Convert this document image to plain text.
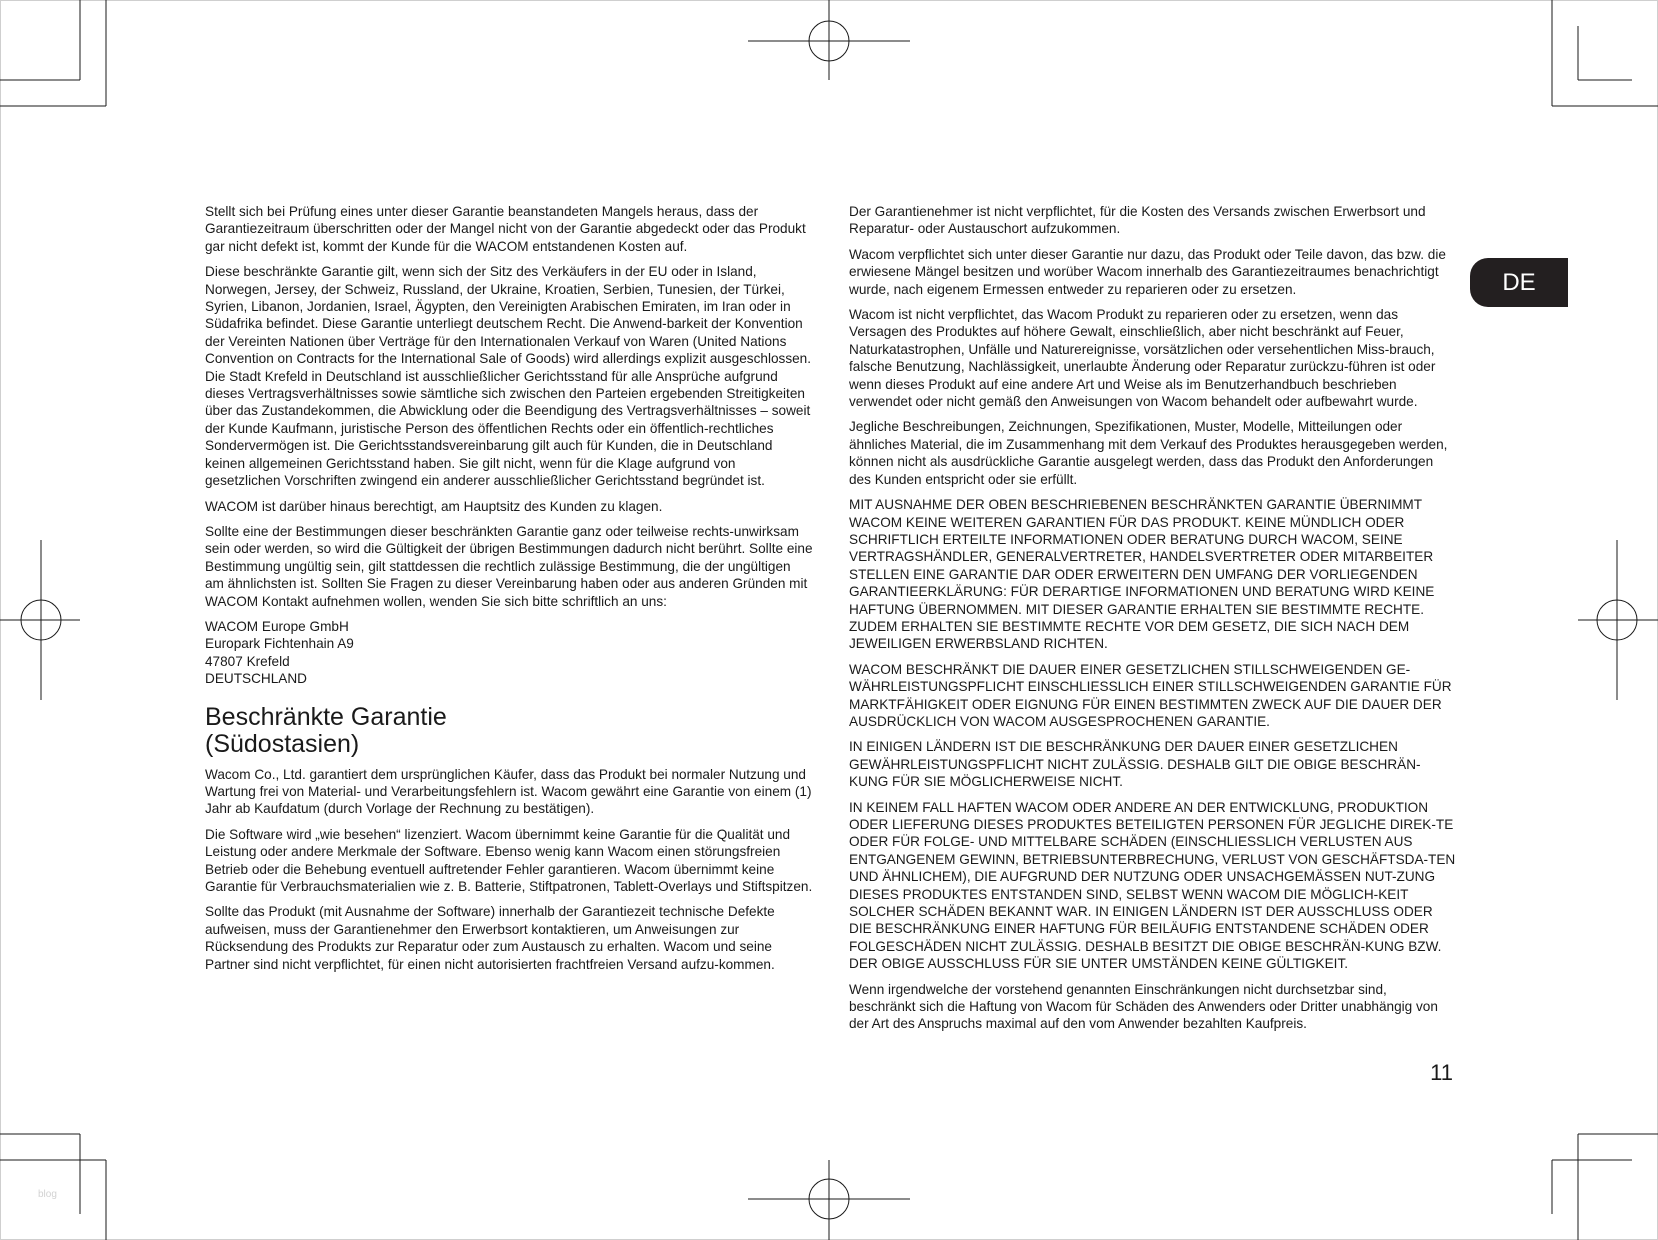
DE

Stellt sich bei Prüfung eines unter dieser Garantie beanstandeten Mangels heraus, dass der Garantiezeitraum überschritten oder der Mangel nicht von der Garantie abgedeckt oder das Produkt gar nicht defekt ist, kommt der Kunde für die WACOM entstandenen Kosten auf.

Diese beschränkte Garantie gilt, wenn sich der Sitz des Verkäufers in der EU oder in Island, Norwegen, Jersey, der Schweiz, Russland, der Ukraine, Kroatien, Serbien, Tunesien, der Türkei, Syrien, Libanon, Jordanien, Israel, Ägypten, den Vereinigten Arabischen Emiraten, im Iran oder in Südafrika befindet. Diese Garantie unterliegt deutschem Recht. Die Anwend-barkeit der Konvention der Vereinten Nationen über Verträge für den Internationalen Verkauf von Waren (United Nations Convention on Contracts for the International Sale of Goods) wird allerdings explizit ausgeschlossen. Die Stadt Krefeld in Deutschland ist ausschließlicher Gerichtsstand für alle Ansprüche aufgrund dieses Vertragsverhältnisses sowie sämtliche sich zwischen den Parteien ergebenden Streitigkeiten über das Zustandekommen, die Abwicklung oder die Beendigung des Vertragsverhältnisses – soweit der Kunde Kaufmann, juristische Person des öffentlichen Rechts oder ein öffentlich-rechtliches Sondervermögen ist. Die Gerichtsstandsvereinbarung gilt auch für Kunden, die in Deutschland keinen allgemeinen Gerichtsstand haben. Sie gilt nicht, wenn für die Klage aufgrund von gesetzlichen Vorschriften zwingend ein anderer ausschließlicher Gerichtsstand begründet ist.

WACOM ist darüber hinaus berechtigt, am Hauptsitz des Kunden zu klagen.

Sollte eine der Bestimmungen dieser beschränkten Garantie ganz oder teilweise rechts-unwirksam sein oder werden, so wird die Gültigkeit der übrigen Bestimmungen dadurch nicht berührt. Sollte eine Bestimmung ungültig sein, gilt stattdessen die rechtlich zulässige Bestimmung, die der ungültigen am ähnlichsten ist. Sollten Sie Fragen zu dieser Vereinbarung haben oder aus anderen Gründen mit WACOM Kontakt aufnehmen wollen, wenden Sie sich bitte schriftlich an uns:

WACOM Europe GmbH

Europark Fichtenhain A9

47807 Krefeld

DEUTSCHLAND

Beschränkte Garantie
(Südostasien)

Wacom Co., Ltd. garantiert dem ursprünglichen Käufer, dass das Produkt bei normaler Nutzung und Wartung frei von Material- und Verarbeitungsfehlern ist. Wacom gewährt eine Garantie von einem (1) Jahr ab Kaufdatum (durch Vorlage der Rechnung zu bestätigen).

Die Software wird „wie besehen“ lizenziert. Wacom übernimmt keine Garantie für die Qualität und Leistung oder andere Merkmale der Software. Ebenso wenig kann Wacom einen störungsfreien Betrieb oder die Behebung eventuell auftretender Fehler garantieren. Wacom übernimmt keine Garantie für Verbrauchsmaterialien wie z. B. Batterie, Stiftpatronen, Tablett-Overlays und Stiftspitzen.

Sollte das Produkt (mit Ausnahme der Software) innerhalb der Garantiezeit technische Defekte aufweisen, muss der Garantienehmer den Erwerbsort kontaktieren, um Anweisungen zur Rücksendung des Produkts zur Reparatur oder zum Austausch zu erhalten. Wacom und seine Partner sind nicht verpflichtet, für einen nicht autorisierten frachtfreien Versand aufzu-kommen.

Der Garantienehmer ist nicht verpflichtet, für die Kosten des Versands zwischen Erwerbsort und Reparatur- oder Austauschort aufzukommen.

Wacom verpflichtet sich unter dieser Garantie nur dazu, das Produkt oder Teile davon, das bzw. die erwiesene Mängel besitzen und worüber Wacom innerhalb des Garantiezeitraumes benachrichtigt wurde, nach eigenem Ermessen entweder zu reparieren oder zu ersetzen.

Wacom ist nicht verpflichtet, das Wacom Produkt zu reparieren oder zu ersetzen, wenn das Versagen des Produktes auf höhere Gewalt, einschließlich, aber nicht beschränkt auf Feuer, Naturkatastrophen, Unfälle und Naturereignisse, vorsätzlichen oder versehentlichen Miss-brauch, falsche Benutzung, Nachlässigkeit, unerlaubte Änderung oder Reparatur zurückzu-führen ist oder wenn dieses Produkt auf eine andere Art und Weise als im Benutzerhandbuch beschrieben verwendet oder nicht gemäß den Anweisungen von Wacom behandelt oder aufbewahrt wurde.

Jegliche Beschreibungen, Zeichnungen, Spezifikationen, Muster, Modelle, Mitteilungen oder ähnliches Material, die im Zusammenhang mit dem Verkauf des Produktes herausgegeben werden, können nicht als ausdrückliche Garantie ausgelegt werden, dass das Produkt den Anforderungen des Kunden entspricht oder sie erfüllt.

MIT AUSNAHME DER OBEN BESCHRIEBENEN BESCHRÄNKTEN GARANTIE ÜBERNIMMT WACOM KEINE WEITEREN GARANTIEN FÜR DAS PRODUKT. KEINE MÜNDLICH ODER SCHRIFTLICH ERTEILTE INFORMATIONEN ODER BERATUNG DURCH WACOM, SEINE VERTRAGSHÄNDLER, GENERALVERTRETER, HANDELSVERTRETER ODER MITARBEITER STELLEN EINE GARANTIE DAR ODER ERWEITERN DEN UMFANG DER VORLIEGENDEN GARANTIEERKLÄRUNG: FÜR DERARTIGE INFORMATIONEN UND BERATUNG WIRD KEINE HAFTUNG ÜBERNOMMEN. MIT DIESER GARANTIE ERHALTEN SIE BESTIMMTE RECHTE. ZUDEM ERHALTEN SIE BESTIMMTE RECHTE VOR DEM GESETZ, DIE SICH NACH DEM JEWEILIGEN ERWERBSLAND RICHTEN.

WACOM BESCHRÄNKT DIE DAUER EINER GESETZLICHEN STILLSCHWEIGENDEN GE-WÄHRLEISTUNGSPFLICHT EINSCHLIESSLICH EINER STILLSCHWEIGENDEN GARANTIE FÜR MARKTFÄHIGKEIT ODER EIGNUNG FÜR EINEN BESTIMMTEN ZWECK AUF DIE DAUER DER AUSDRÜCKLICH VON WACOM AUSGESPROCHENEN GARANTIE.

IN EINIGEN LÄNDERN IST DIE BESCHRÄNKUNG DER DAUER EINER GESETZLICHEN GEWÄHRLEISTUNGSPFLICHT NICHT ZULÄSSIG. DESHALB GILT DIE OBIGE BESCHRÄN-KUNG FÜR SIE MÖGLICHERWEISE NICHT.

IN KEINEM FALL HAFTEN WACOM ODER ANDERE AN DER ENTWICKLUNG, PRODUKTION ODER LIEFERUNG DIESES PRODUKTES BETEILIGTEN PERSONEN FÜR JEGLICHE DIREK-TE ODER FÜR FOLGE- UND MITTELBARE SCHÄDEN (EINSCHLIESSLICH VERLUSTEN AUS ENTGANGENEM GEWINN, BETRIEBSUNTERBRECHUNG, VERLUST VON GESCHÄFTSDA-TEN UND ÄHNLICHEM), DIE AUFGRUND DER NUTZUNG ODER UNSACHGEMÄSSEN NUT-ZUNG DIESES PRODUKTES ENTSTANDEN SIND, SELBST WENN WACOM DIE MÖGLICH-KEIT SOLCHER SCHÄDEN BEKANNT WAR. IN EINIGEN LÄNDERN IST DER AUSSCHLUSS ODER DIE BESCHRÄNKUNG EINER HAFTUNG FÜR BEILÄUFIG ENTSTANDENE SCHÄDEN ODER FOLGESCHÄDEN NICHT ZULÄSSIG. DESHALB BESITZT DIE OBIGE BESCHRÄN-KUNG BZW. DER OBIGE AUSSCHLUSS FÜR SIE UNTER UMSTÄNDEN KEINE GÜLTIGKEIT.

Wenn irgendwelche der vorstehend genannten Einschränkungen nicht durchsetzbar sind, beschränkt sich die Haftung von Wacom für Schäden des Anwenders oder Dritter unabhängig von der Art des Anspruchs maximal auf den vom Anwender bezahlten Kaufpreis.

11
blog
